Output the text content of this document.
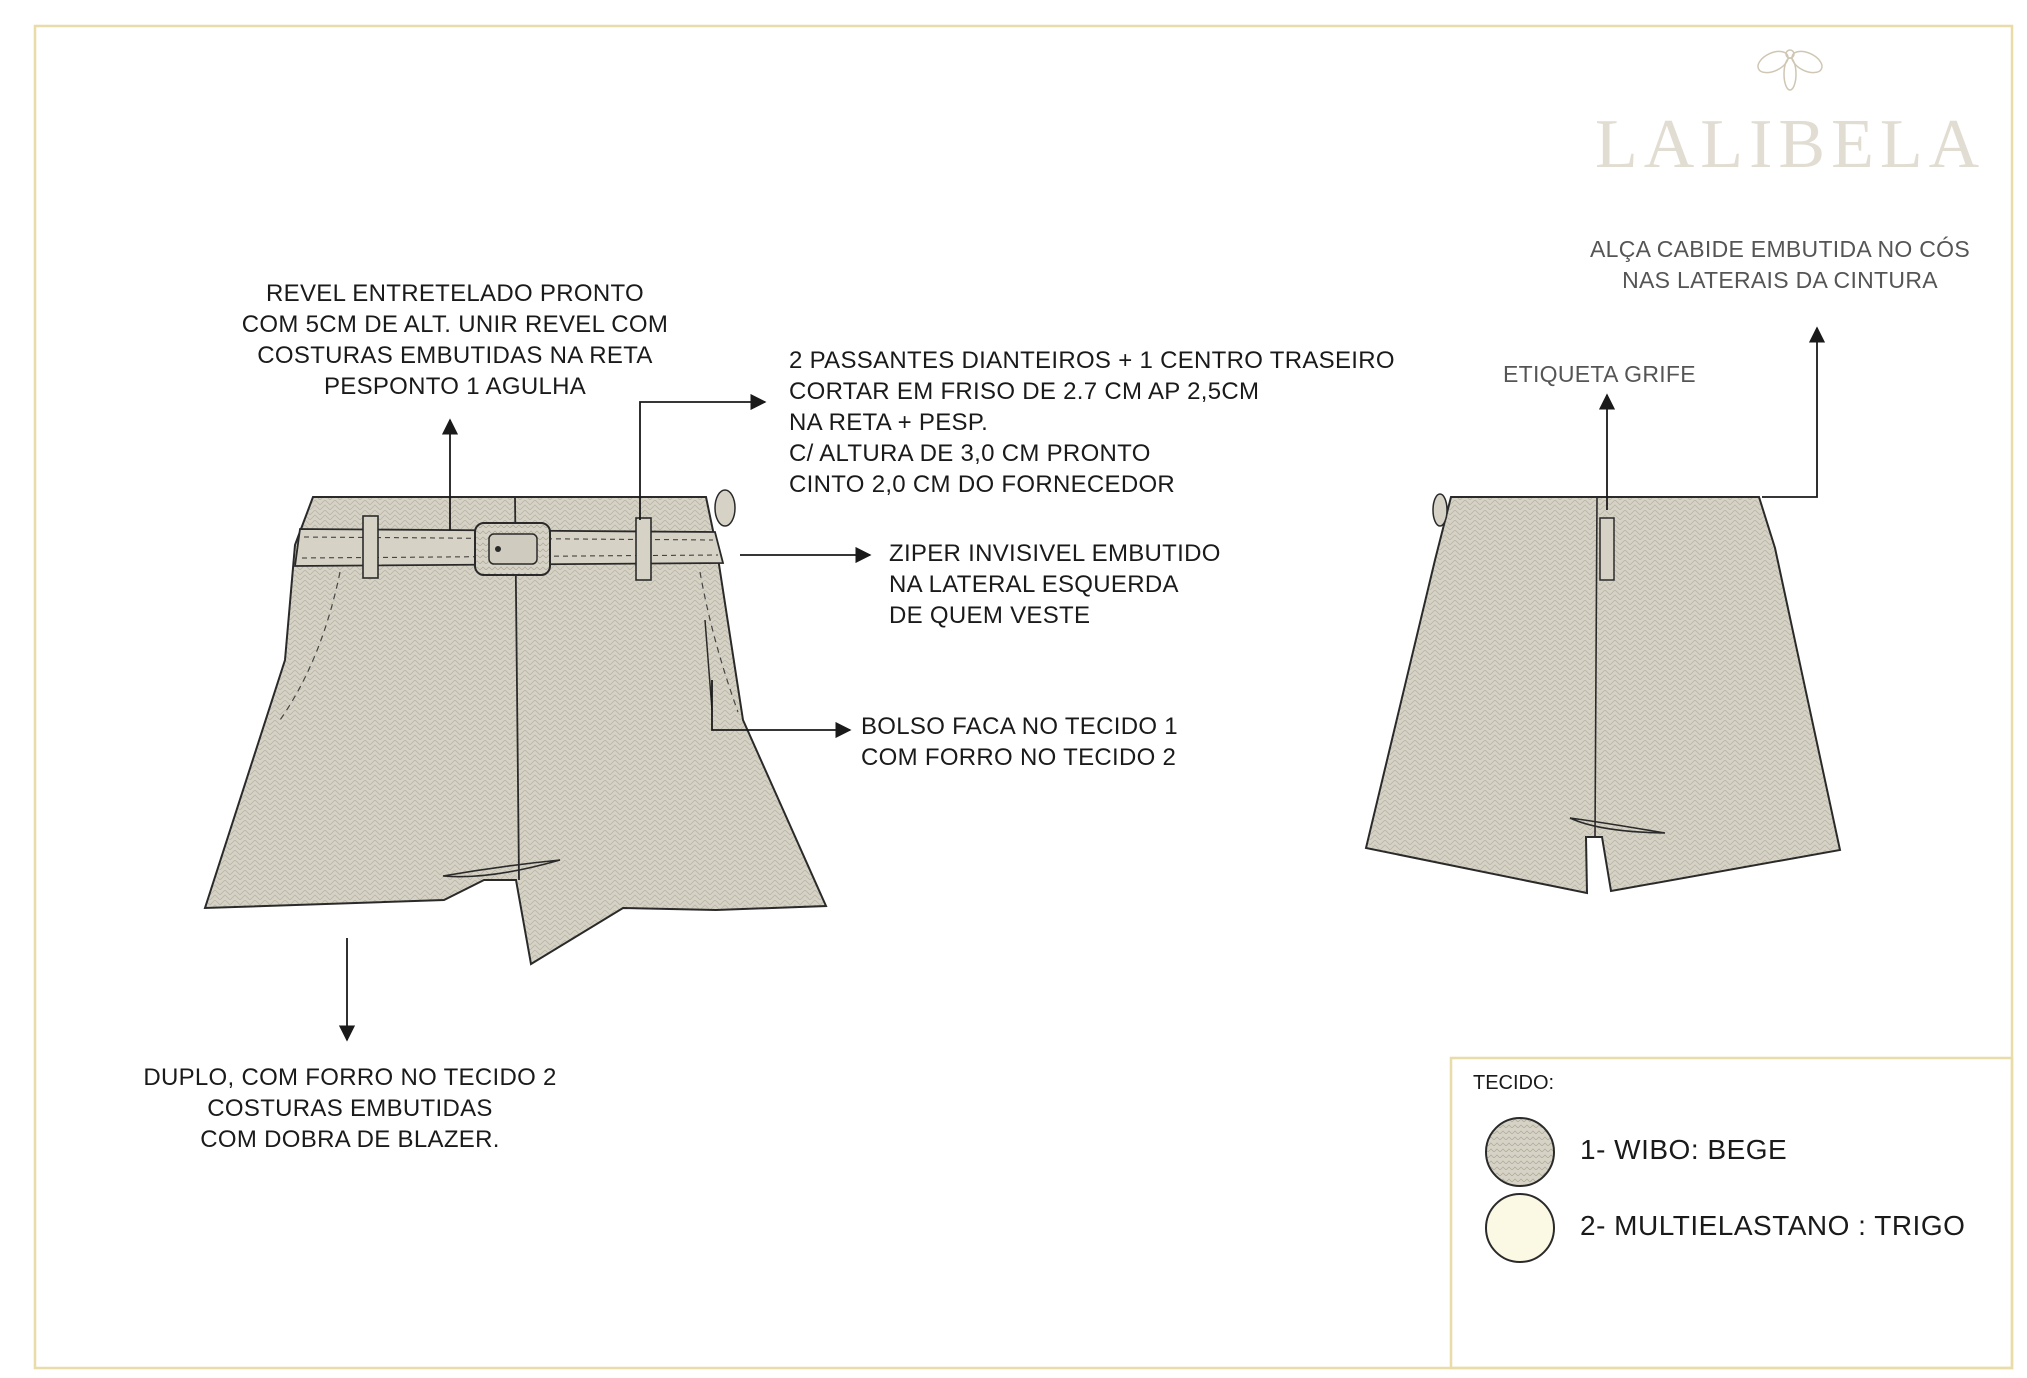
LALIBELA
REVEL ENTRETELADO PRONTO
COM 5CM DE ALT. UNIR REVEL COM
COSTURAS EMBUTIDAS NA RETA
PESPONTO 1 AGULHA
2 PASSANTES DIANTEIROS + 1 CENTRO TRASEIRO
CORTAR EM FRISO DE 2.7 CM AP 2,5CM
NA RETA + PESP.
C/ ALTURA DE 3,0 CM PRONTO
CINTO 2,0 CM DO FORNECEDOR
ZIPER INVISIVEL EMBUTIDO
NA LATERAL ESQUERDA
DE QUEM VESTE
BOLSO FACA NO TECIDO 1
COM FORRO NO TECIDO 2
DUPLO, COM FORRO NO TECIDO 2
COSTURAS EMBUTIDAS
COM DOBRA DE BLAZER.
ALÇA CABIDE EMBUTIDA NO CÓS
NAS LATERAIS DA CINTURA
ETIQUETA GRIFE
TECIDO:
1- WIBO: BEGE
2- MULTIELASTANO : TRIGO
